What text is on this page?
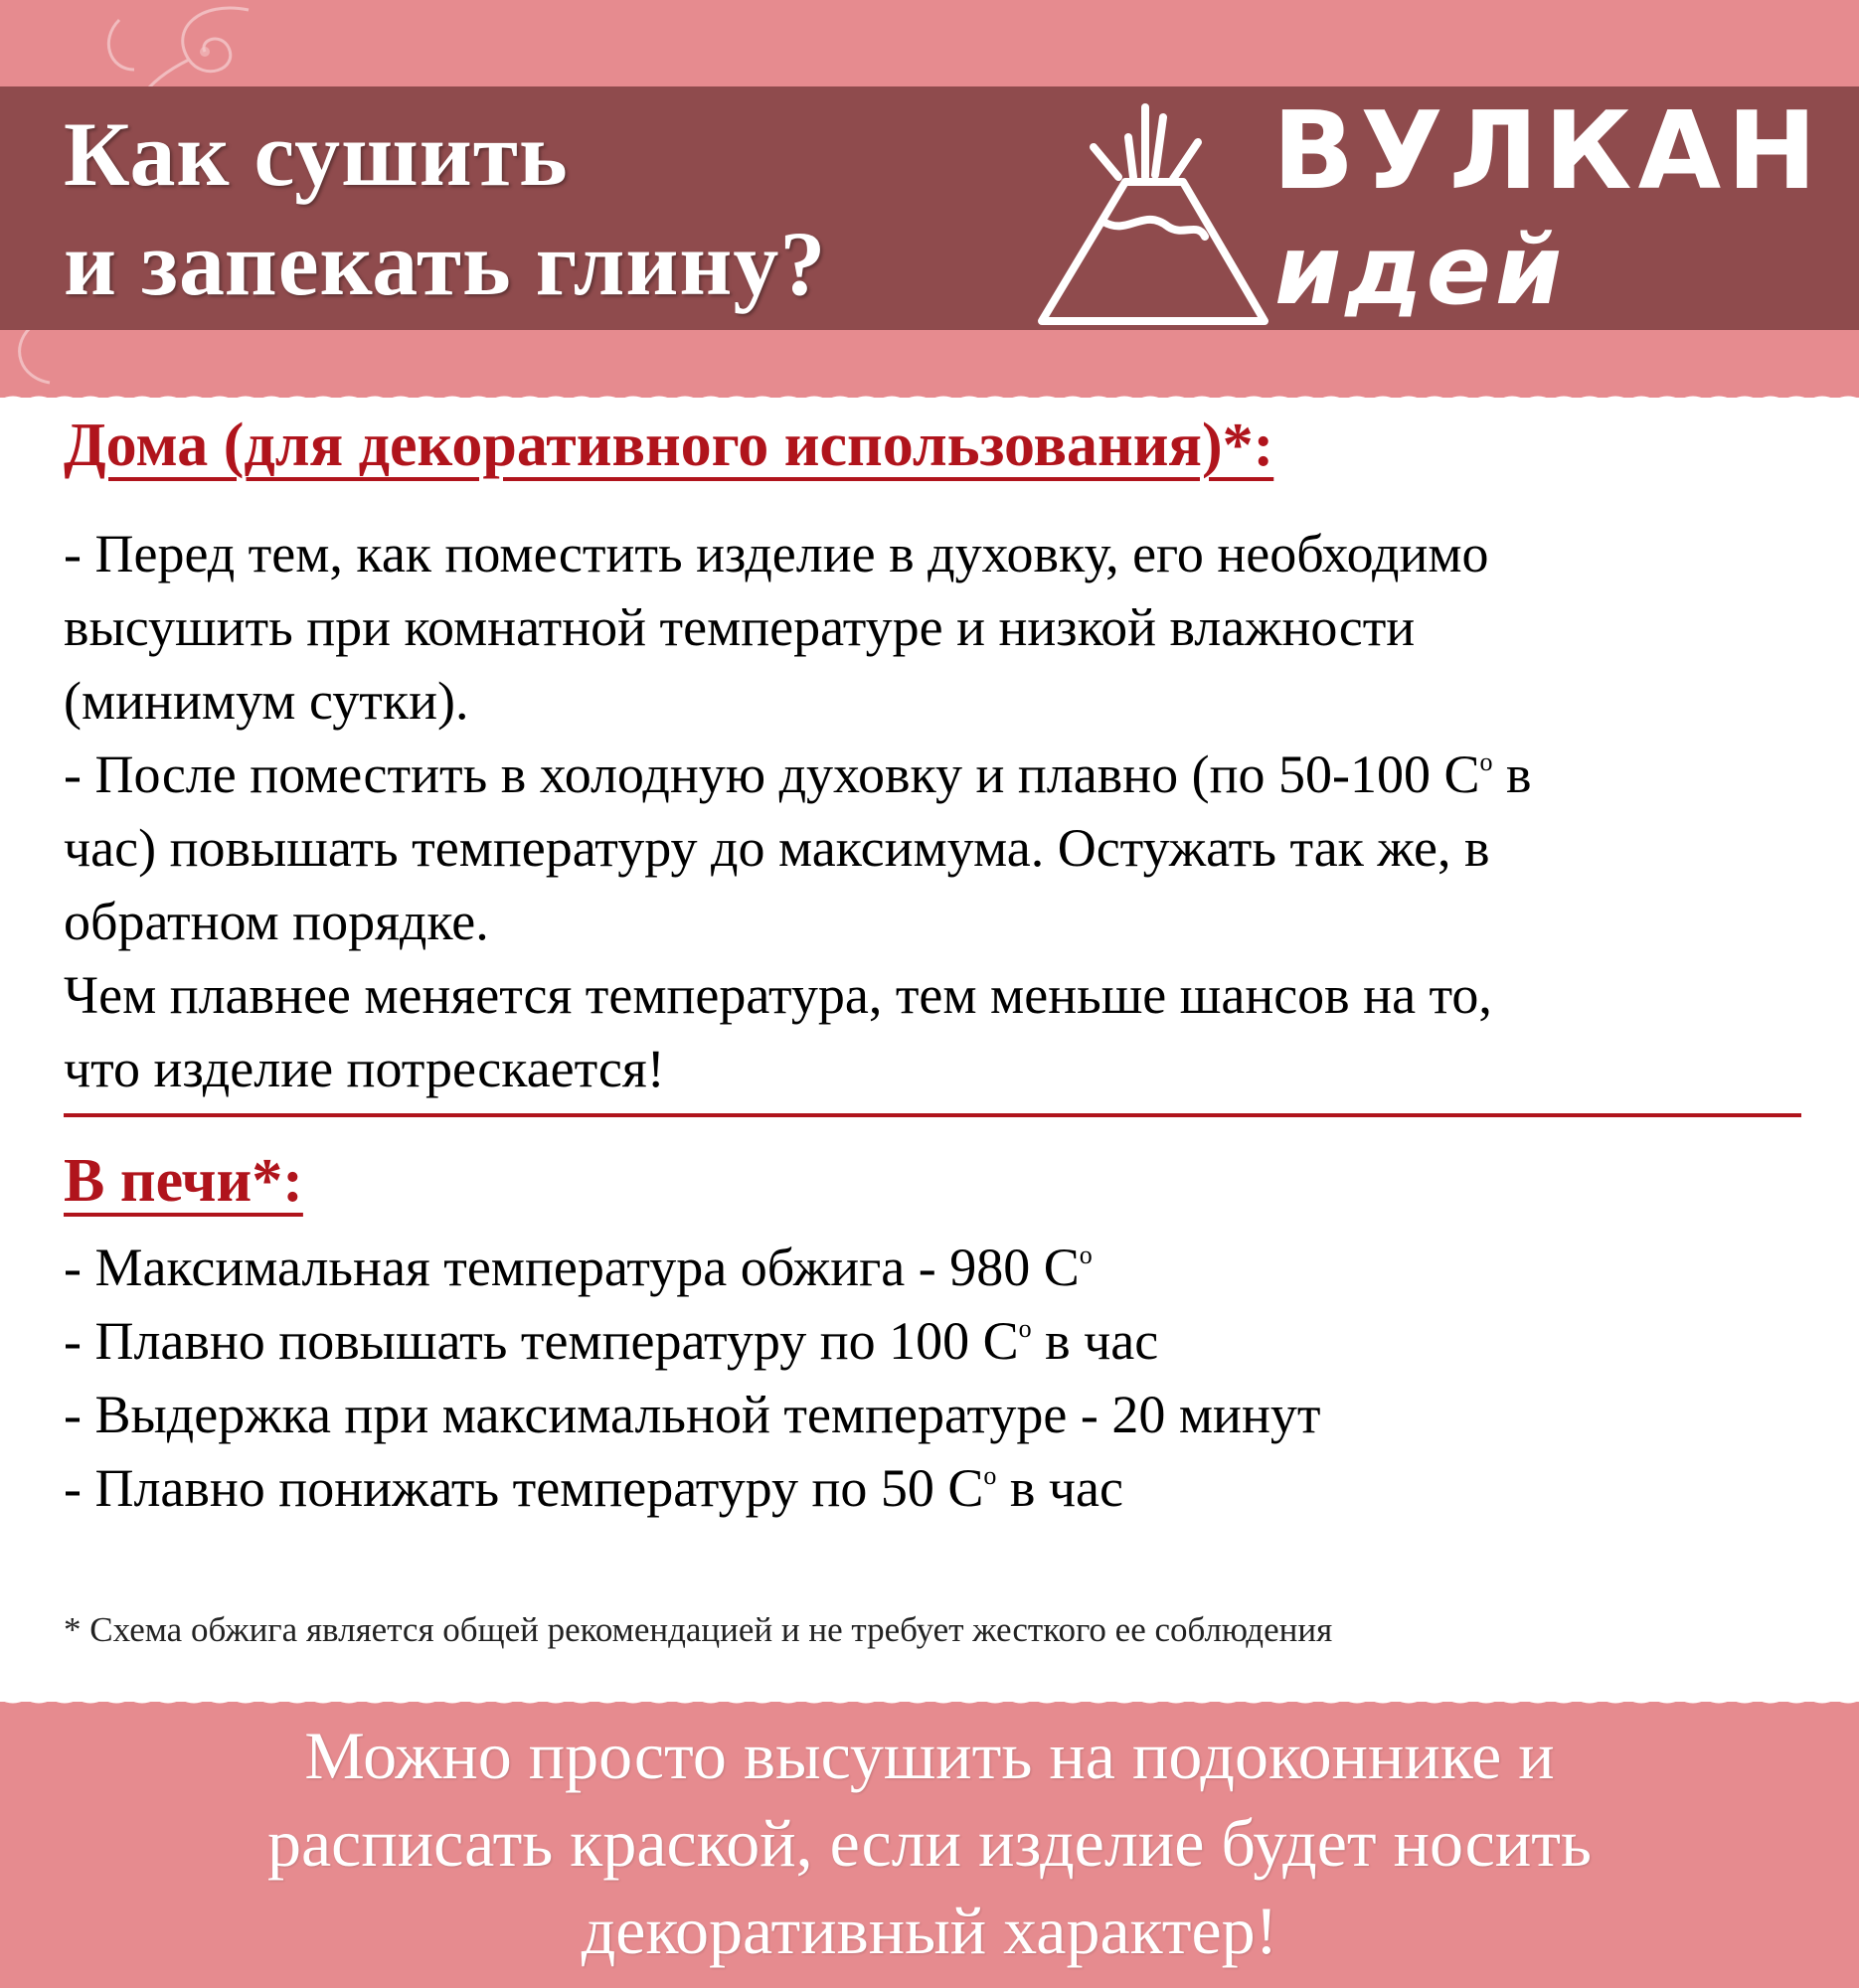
Как сушить
и запекать глину?
ВУЛКАН
идей
Дома (для декоративного использования)*:

- Перед тем, как поместить изделие в духовку, его необходимо

высушить при комнатной температуре и низкой влажности

(минимум сутки).

- После поместить в холодную духовку и плавно (по 50-100 $С^о$ в

час) повышать температуру до максимума. Остужать так же, в

обратном порядке.

Чем плавнее меняется температура, тем меньше шансов на то,

что изделие потрескается!

В печи*:
- Максимальная температура обжига - 980 $С^о$
- Плавно повышать температуру по 100 $С^о$ в час
- Выдержка при максимальной температуре - 20 минут
- Плавно понижать температуру по 50 $С^о$ в час

* Схема обжига является общей рекомендацией и не требует жесткого ее соблюдения

Можно просто высушить на подоконнике и
расписать краской, если изделие будет носить
декоративный характер!
